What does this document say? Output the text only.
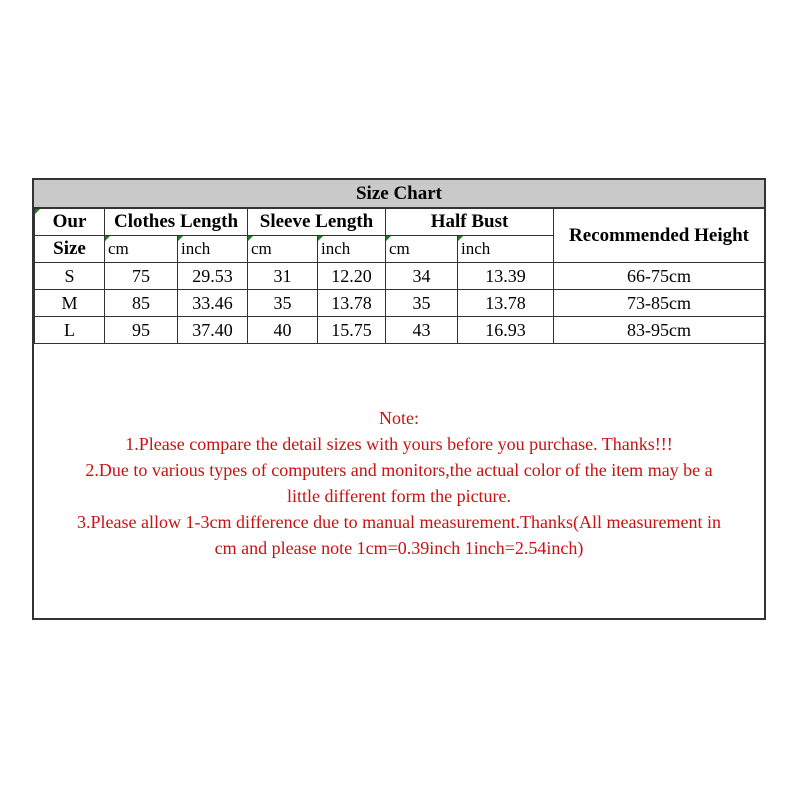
Size Chart
Our	Clothes Length		Sleeve Length		Half Bust		Recommended Height
Size	cm	inch	cm	inch	cm	inch	
S	75	29.53	31	12.20	34	13.39	66-75cm
M	85	33.46	35	13.78	35	13.78	73-85cm
L	95	37.40	40	15.75	43	16.93	83-95cm
Note:
1.Please compare the detail sizes with yours before you purchase. Thanks!!!
2.Due to various types of computers and monitors,the actual color of the item may be a
little different form the picture.
3.Please allow 1-3cm difference due to manual measurement.Thanks(All measurement in
cm and please note 1cm=0.39inch 1inch=2.54inch)
